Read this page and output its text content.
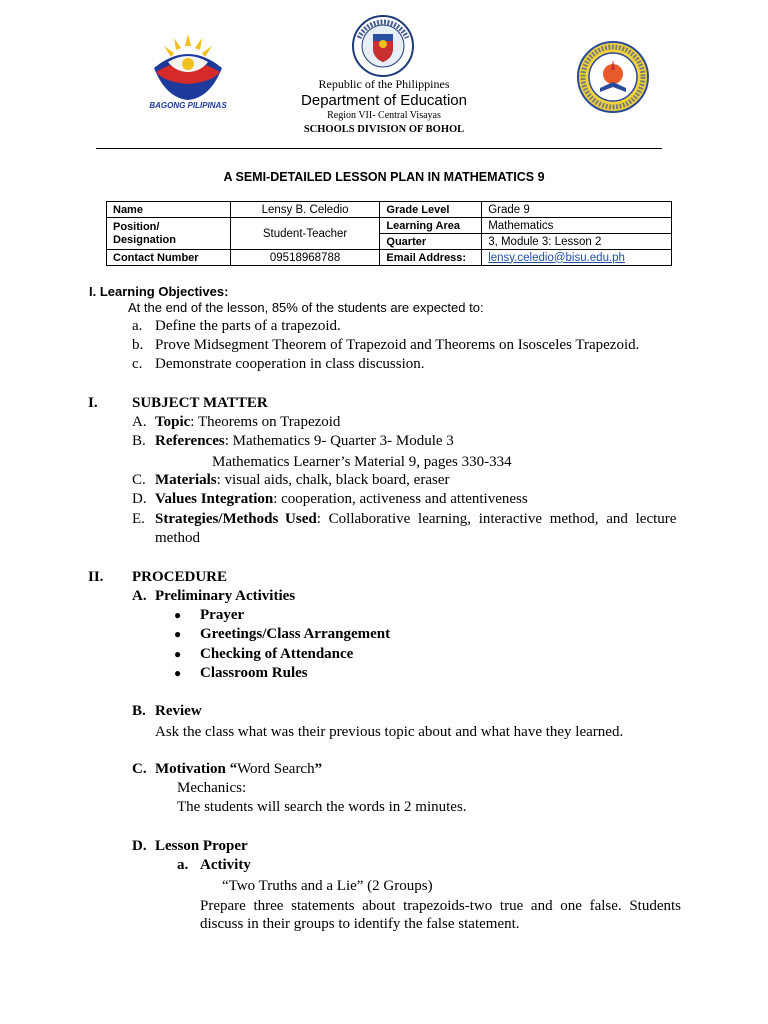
BAGONG PILIPINAS
Republic of the Philippines
Department of Education
Region VII- Central Visayas
SCHOOLS DIVISION OF BOHOL
A SEMI-DETAILED LESSON PLAN IN MATHEMATICS 9
Name	Lensy B. Celedio	Grade Level	Grade 9
Position/
Designation	Student-Teacher	Learning Area	Mathematics
		Quarter	3, Module 3: Lesson 2
Contact Number	09518968788	Email Address:	lensy.celedio@bisu.edu.ph
I. Learning Objectives:
At the end of the lesson, 85% of the students are expected to:
a. Define the parts of a trapezoid.
b. Prove Midsegment Theorem of Trapezoid and Theorems on Isosceles Trapezoid.
c. Demonstrate cooperation in class discussion.
I. SUBJECT MATTER
A. Topic: Theorems on Trapezoid
B. References: Mathematics 9- Quarter 3- Module 3
Mathematics Learner’s Material 9, pages 330-334
C. Materials: visual aids, chalk, black board, eraser
D. Values Integration: cooperation, activeness and attentiveness
E. Strategies/Methods Used: Collaborative learning, interactive method, and lecture
method
II. PROCEDURE
A. Preliminary Activities
● Prayer
● Greetings/Class Arrangement
● Checking of Attendance
● Classroom Rules
B. Review
Ask the class what was their previous topic about and what have they learned.
C. Motivation “Word Search”
Mechanics:
The students will search the words in 2 minutes.
D. Lesson Proper
a. Activity
“Two Truths and a Lie” (2 Groups)
Prepare three statements about trapezoids-two true and one false. Students
discuss in their groups to identify the false statement.
